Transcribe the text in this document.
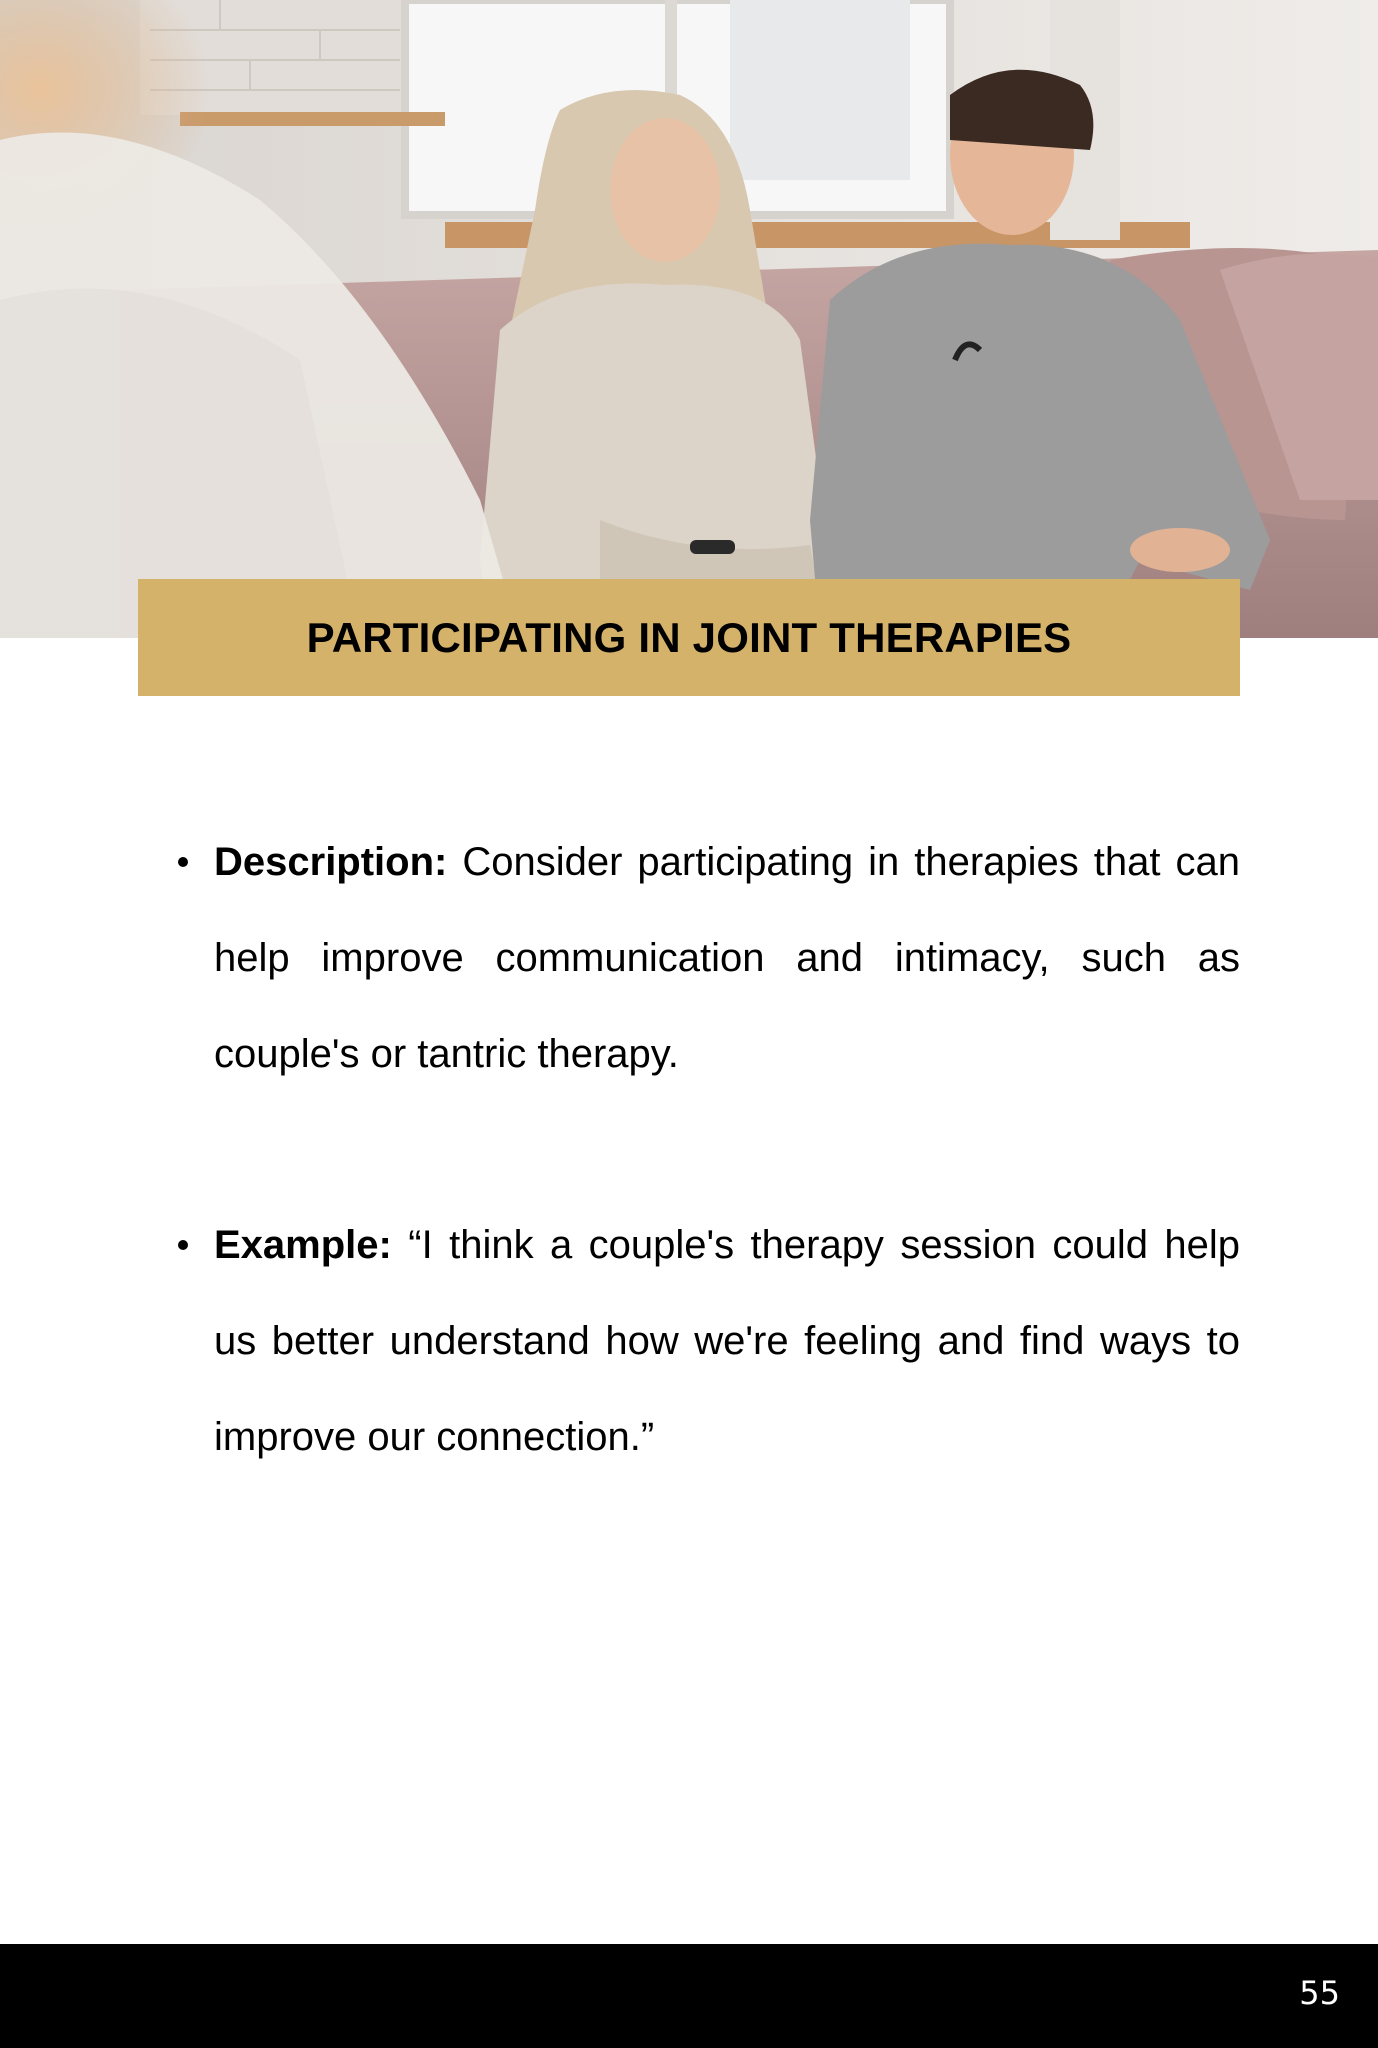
PARTICIPATING IN JOINT THERAPIES
Description: Consider participating in therapies that can help improve communication and intimacy, such as couple's or tantric therapy.
Example: “I think a couple's therapy session could help us better understand how we're feeling and find ways to improve our connection.”
55
